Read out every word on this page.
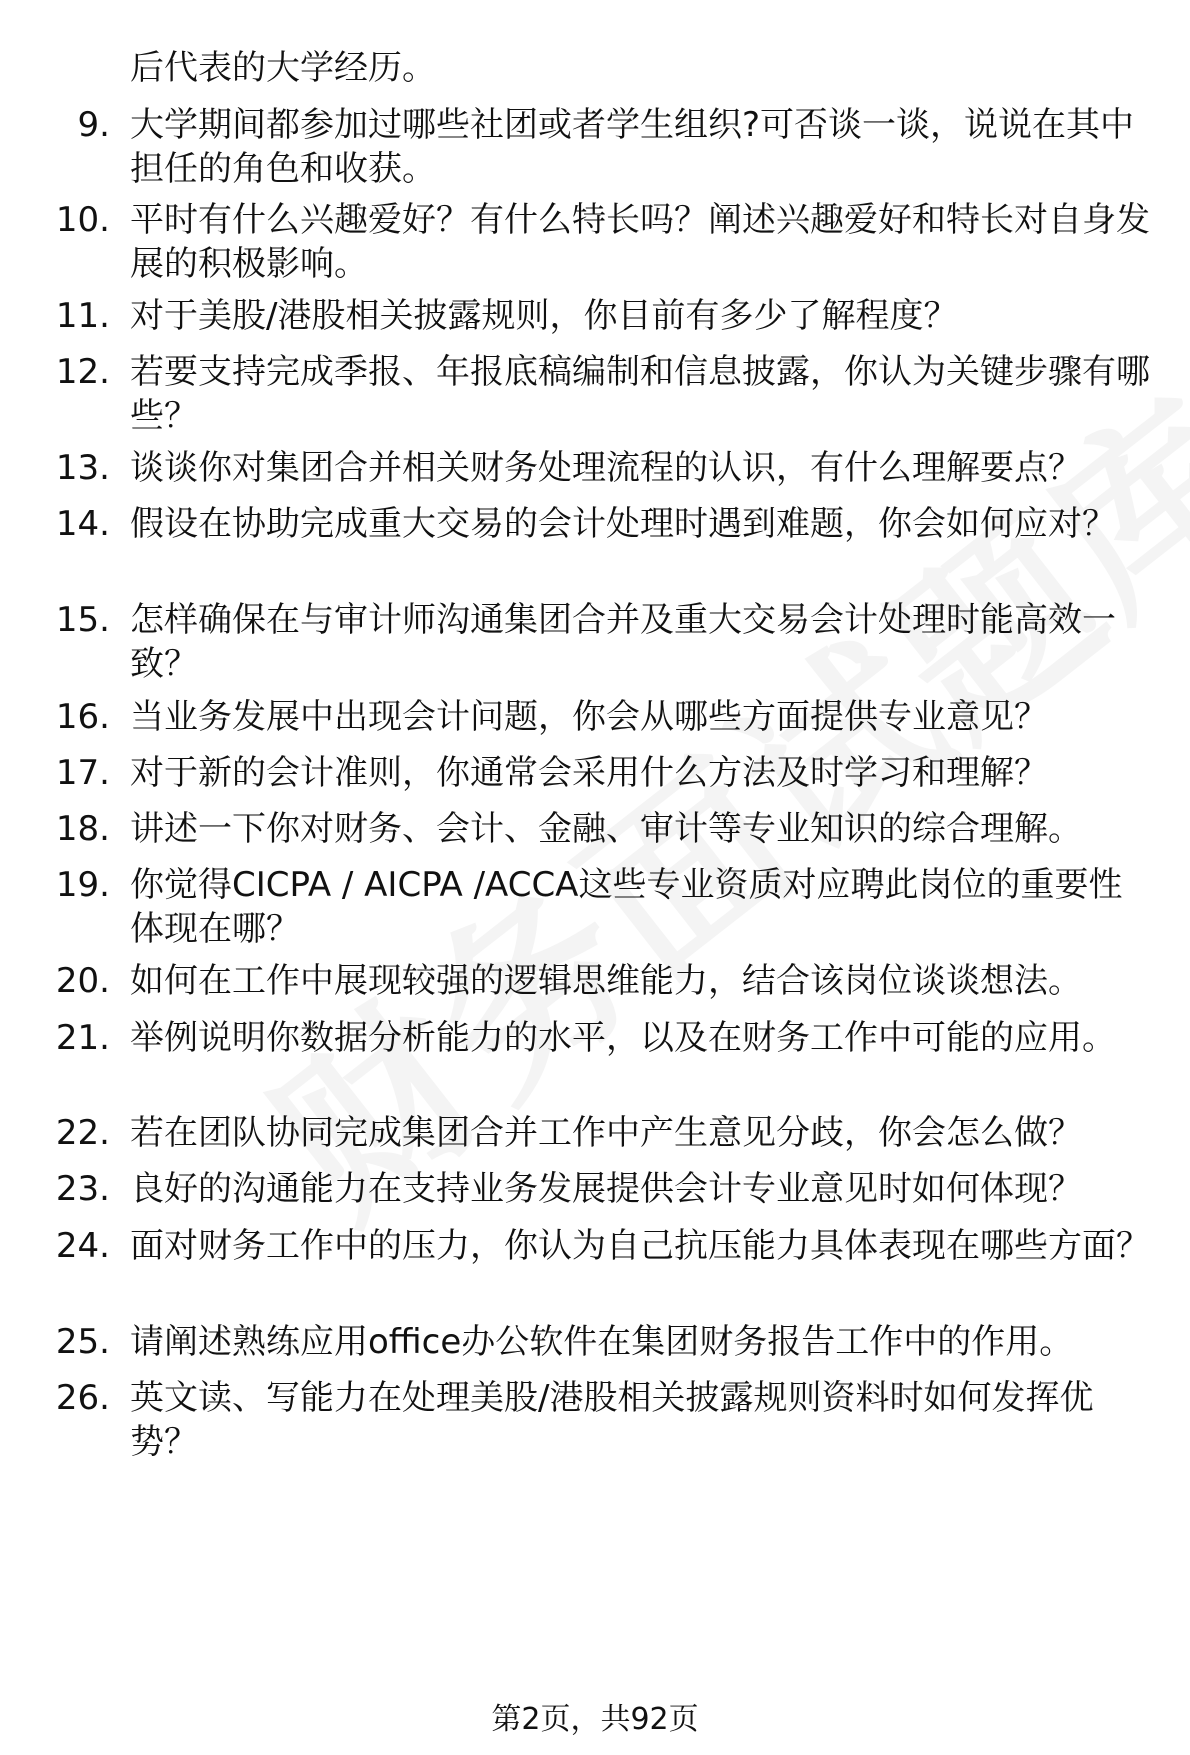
后代表的大学经历。
9. 大学期间都参加过哪些社团或者学生组织?可否谈一谈，说说在其中担任的角色和收获。
10. 平时有什么兴趣爱好？有什么特长吗？阐述兴趣爱好和特长对自身发展的积极影响。
11. 对于美股/港股相关披露规则，你目前有多少了解程度？
12. 若要支持完成季报、年报底稿编制和信息披露，你认为关键步骤有哪些？
13. 谈谈你对集团合并相关财务处理流程的认识，有什么理解要点？
14. 假设在协助完成重大交易的会计处理时遇到难题，你会如何应对？
15. 怎样确保在与审计师沟通集团合并及重大交易会计处理时能高效一致？
16. 当业务发展中出现会计问题，你会从哪些方面提供专业意见？
17. 对于新的会计准则，你通常会采用什么方法及时学习和理解？
18. 讲述一下你对财务、会计、金融、审计等专业知识的综合理解。
19. 你觉得CICPA / AICPA /ACCA这些专业资质对应聘此岗位的重要性体现在哪？
20. 如何在工作中展现较强的逻辑思维能力，结合该岗位谈谈想法。
21. 举例说明你数据分析能力的水平，以及在财务工作中可能的应用。
22. 若在团队协同完成集团合并工作中产生意见分歧，你会怎么做？
23. 良好的沟通能力在支持业务发展提供会计专业意见时如何体现？
24. 面对财务工作中的压力，你认为自己抗压能力具体表现在哪些方面？
25. 请阐述熟练应用office办公软件在集团财务报告工作中的作用。
26. 英文读、写能力在处理美股/港股相关披露规则资料时如何发挥优势？
第2页，共92页
